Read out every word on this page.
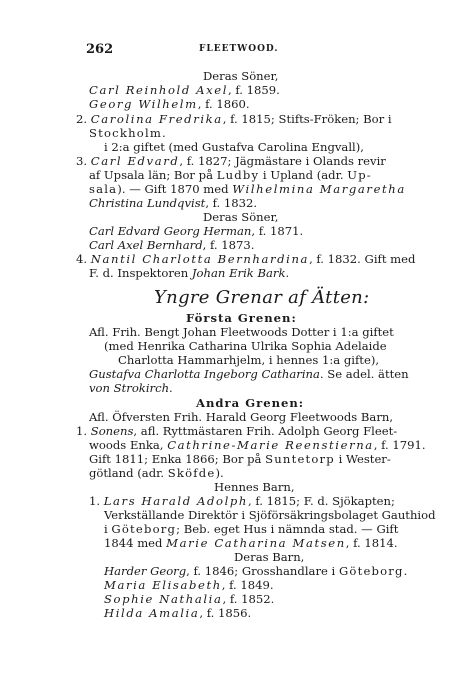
262	FLEETWOOD.
Deras Söner,
Carl Reinhold Axel, f. 1859.
Georg Wilhelm, f. 1860.
2. Carolina Fredrika, f. 1815; Stifts-Fröken; Bor i
Stockholm.
i 2:a giftet (med Gustafva Carolina Engvall),
3. Carl Edvard, f. 1827; Jägmästare i Olands revir
af Upsala län; Bor på Ludby i Upland (adr. Up-
sala). — Gift 1870 med Wilhelmina Margaretha
Christina Lundqvist, f. 1832.
Deras Söner,
Carl Edvard Georg Herman, f. 1871.
Carl Axel Bernhard, f. 1873.
4. Nantil Charlotta Bernhardina, f. 1832. Gift med
F. d. Inspektoren Johan Erik Bark.
Yngre Grenar af Ätten:
Första Grenen:
Afl. Frih. Bengt Johan Fleetwoods Dotter i 1:a giftet
(med Henrika Catharina Ulrika Sophia Adelaide
Charlotta Hammarhjelm, i hennes 1:a gifte),
Gustafva Charlotta Ingeborg Catharina. Se adel. ätten
von Strokirch.
Andra Grenen:
Afl. Öfversten Frih. Harald Georg Fleetwoods Barn,
1. Sonens, afl. Ryttmästaren Frih. Adolph Georg Fleet-
woods Enka, Cathrine-Marie Reenstierna, f. 1791.
Gift 1811; Enka 1866; Bor på Suntetorp i Wester-
götland (adr. Sköfde).
Hennes Barn,
1. Lars Harald Adolph, f. 1815; F. d. Sjökapten;
Verkställande Direktör i Sjöförsäkringsbolaget Gauthiod
i Göteborg; Beb. eget Hus i nämnda stad. — Gift
1844 med Marie Catharina Matsen, f. 1814.
Deras Barn,
Harder Georg, f. 1846; Grosshandlare i Göteborg.
Maria Elisabeth, f. 1849.
Sophie Nathalia, f. 1852.
Hilda Amalia, f. 1856.
